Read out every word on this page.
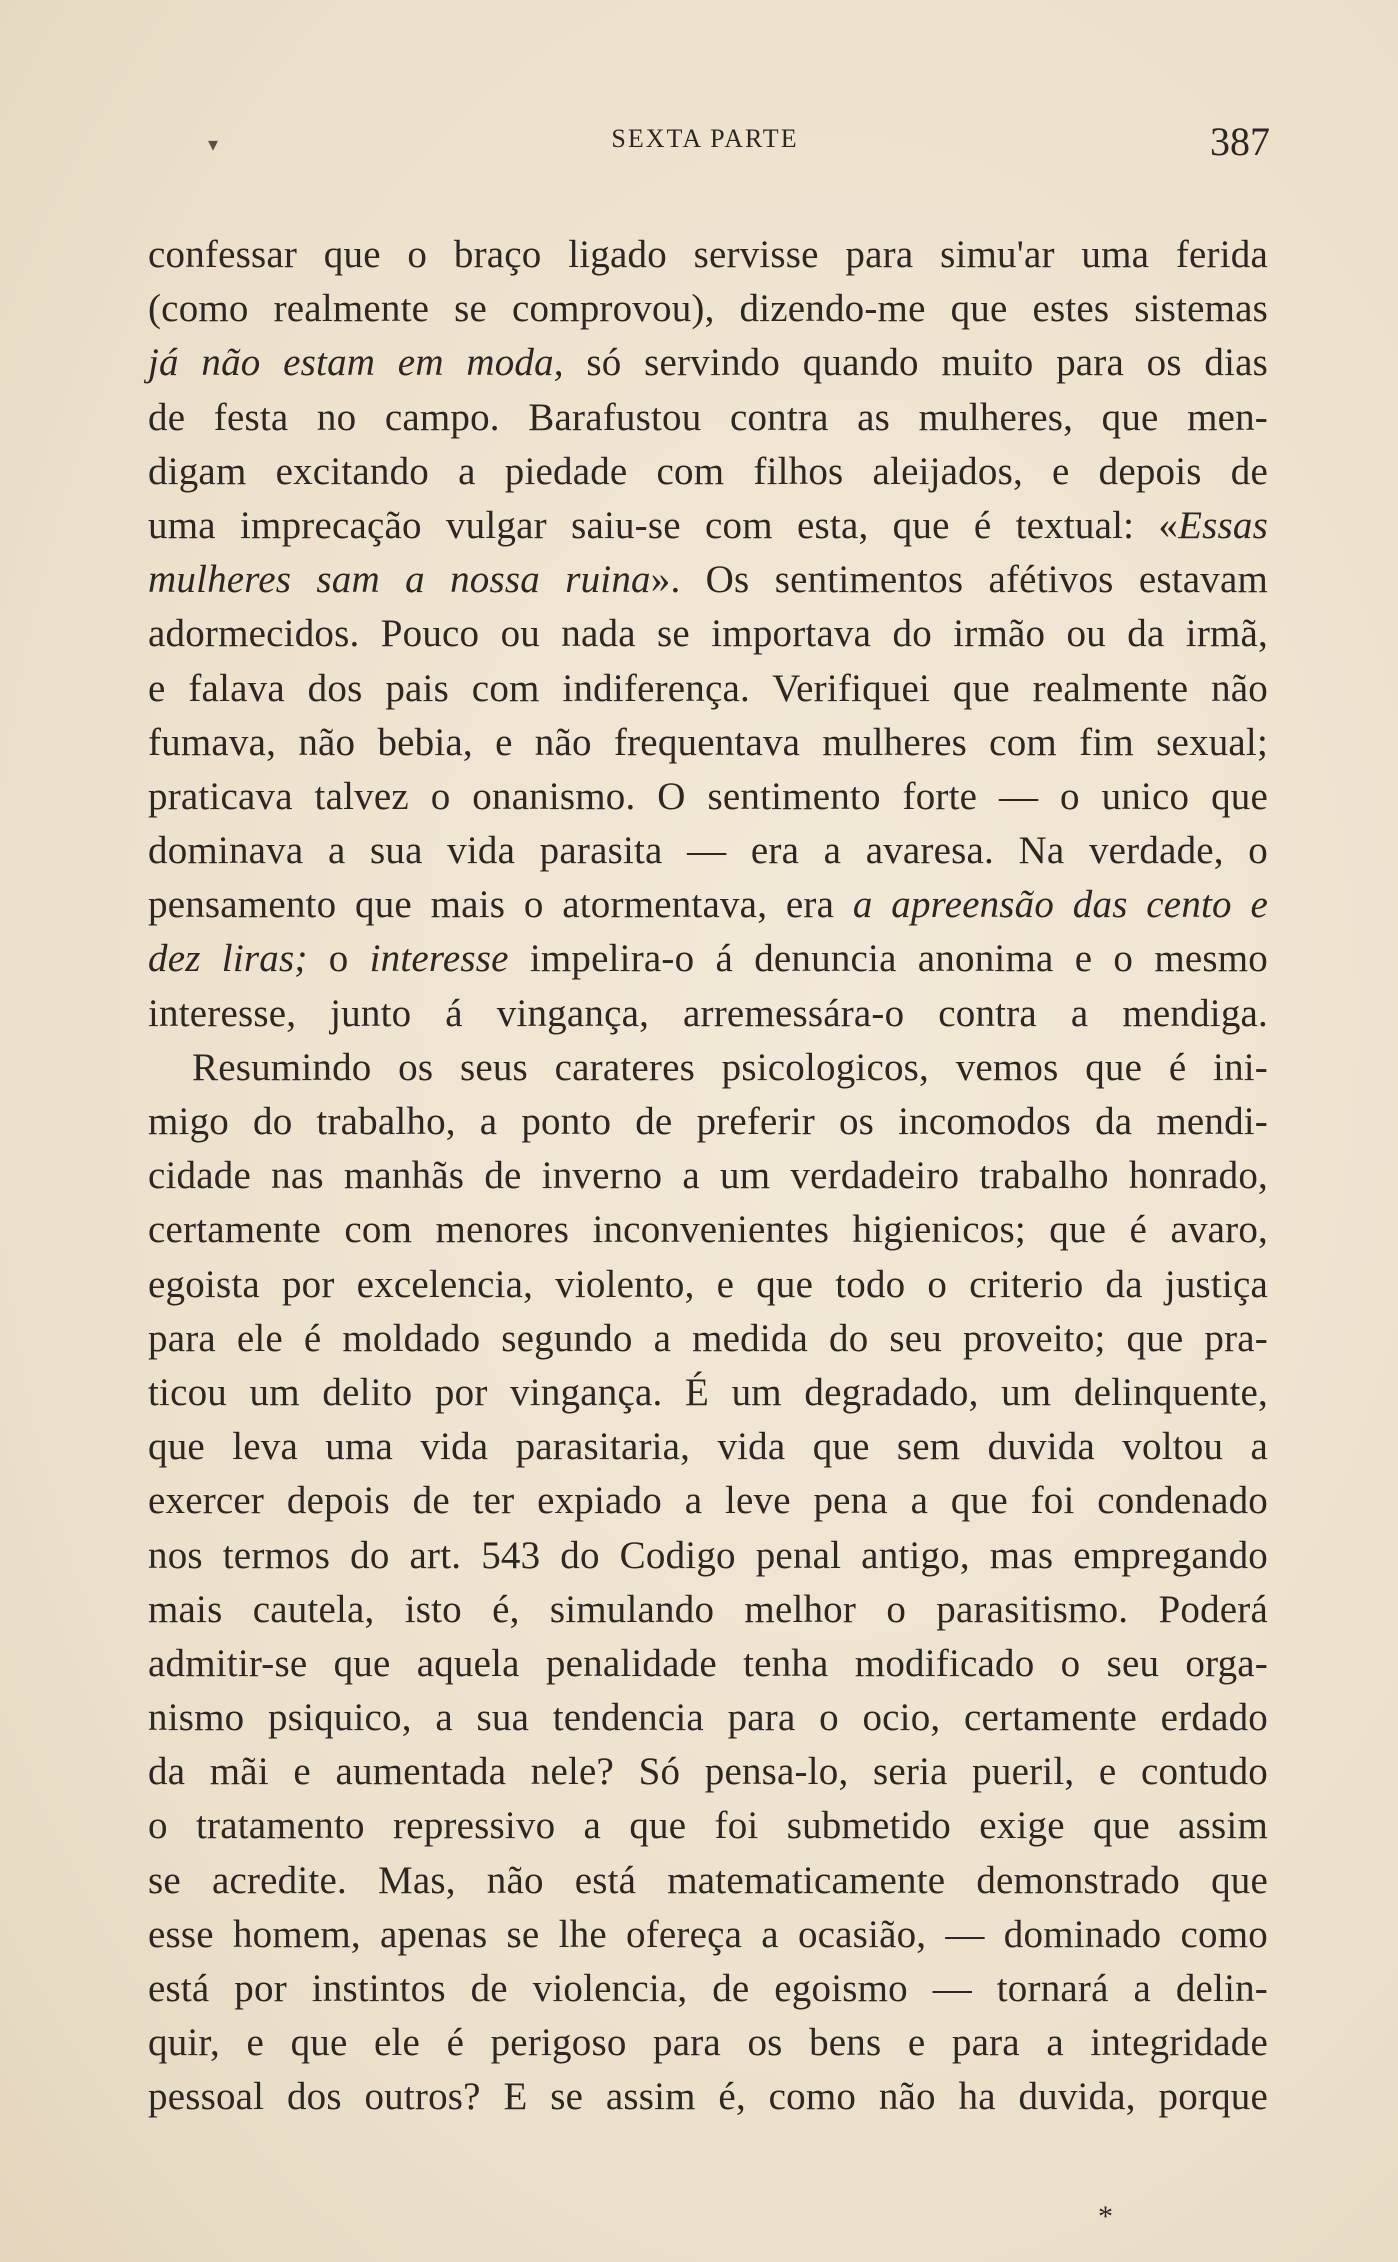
▾	SEXTA PARTE	387
confessar que o braço ligado servisse para simu'ar uma ferida
(como realmente se comprovou), dizendo-me que estes sistemas
já não estam em moda, só servindo quando muito para os dias
de festa no campo. Barafustou contra as mulheres, que men-
digam excitando a piedade com filhos aleijados, e depois de
uma imprecação vulgar saiu-se com esta, que é textual: «Essas
mulheres sam a nossa ruina». Os sentimentos afétivos estavam
adormecidos. Pouco ou nada se importava do irmão ou da irmã,
e falava dos pais com indiferença. Verifiquei que realmente não
fumava, não bebia, e não frequentava mulheres com fim sexual;
praticava talvez o onanismo. O sentimento forte — o unico que
dominava a sua vida parasita — era a avaresa. Na verdade, o
pensamento que mais o atormentava, era a apreensão das cento e
dez liras; o interesse impelira-o á denuncia anonima e o mesmo
interesse, junto á vingança, arremessára-o contra a mendiga.
Resumindo os seus carateres psicologicos, vemos que é ini-
migo do trabalho, a ponto de preferir os incomodos da mendi-
cidade nas manhãs de inverno a um verdadeiro trabalho honrado,
certamente com menores inconvenientes higienicos; que é avaro,
egoista por excelencia, violento, e que todo o criterio da justiça
para ele é moldado segundo a medida do seu proveito; que pra-
ticou um delito por vingança. É um degradado, um delinquente,
que leva uma vida parasitaria, vida que sem duvida voltou a
exercer depois de ter expiado a leve pena a que foi condenado
nos termos do art. 543 do Codigo penal antigo, mas empregando
mais cautela, isto é, simulando melhor o parasitismo. Poderá
admitir-se que aquela penalidade tenha modificado o seu orga-
nismo psiquico, a sua tendencia para o ocio, certamente erdado
da mãi e aumentada nele? Só pensa-lo, seria pueril, e contudo
o tratamento repressivo a que foi submetido exige que assim
se acredite. Mas, não está matematicamente demonstrado que
esse homem, apenas se lhe ofereça a ocasião, — dominado como
está por instintos de violencia, de egoismo — tornará a delin-
quir, e que ele é perigoso para os bens e para a integridade
pessoal dos outros? E se assim é, como não ha duvida, porque
*
